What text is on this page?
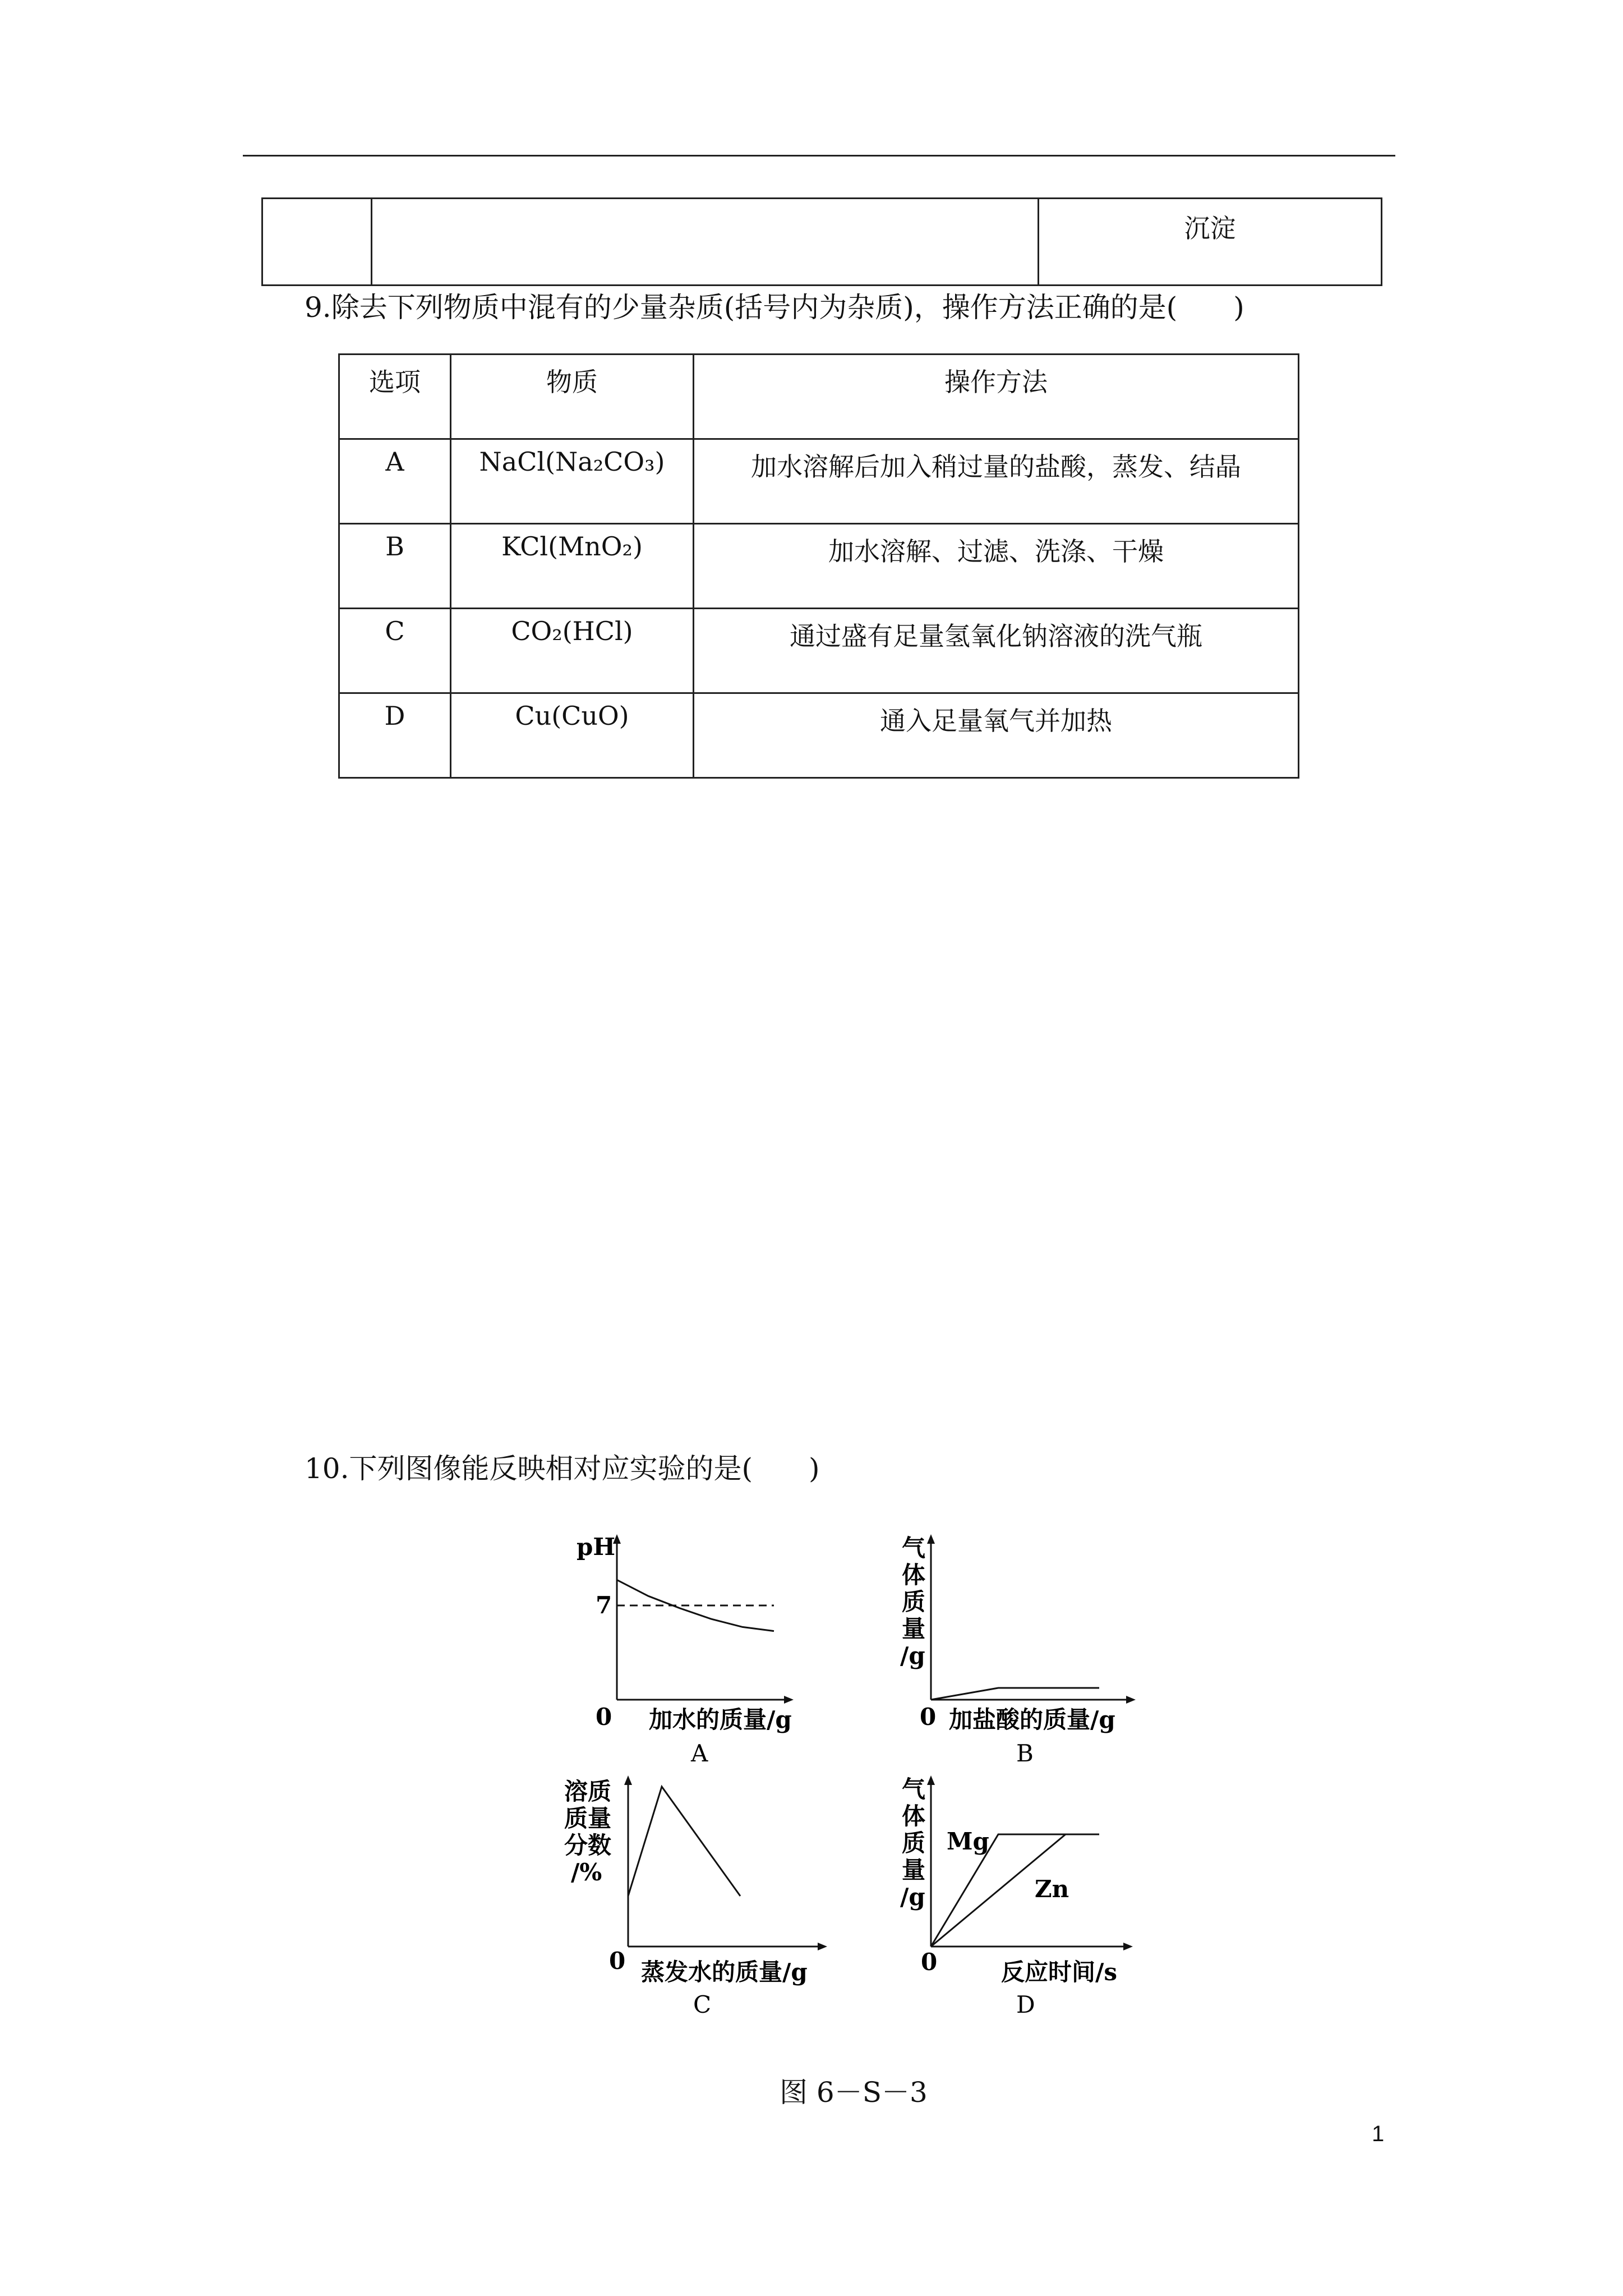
		沉淀
9.除去下列物质中混有的少量杂质(括号内为杂质)，操作方法正确的是(　　)
选项	物质	操作方法
A	NaCl(Na₂CO₃)	加水溶解后加入稍过量的盐酸，蒸发、结晶
B	KCl(MnO₂)	加水溶解、过滤、洗涤、干燥
C	CO₂(HCl)	通过盛有足量氢氧化钠溶液的洗气瓶
D	Cu(CuO)	通入足量氧气并加热
10.下列图像能反映相对应实验的是(　　)
pH
7
0 加水的质量/g
A
气
体
质
量
/g
0 加盐酸的质量/g
B
溶质
质量
分数
/%
0 蒸发水的质量/g
C
气
体
质
量
/g
Mg
Zn
0	反应时间/s
D
图 6－S－3
1
